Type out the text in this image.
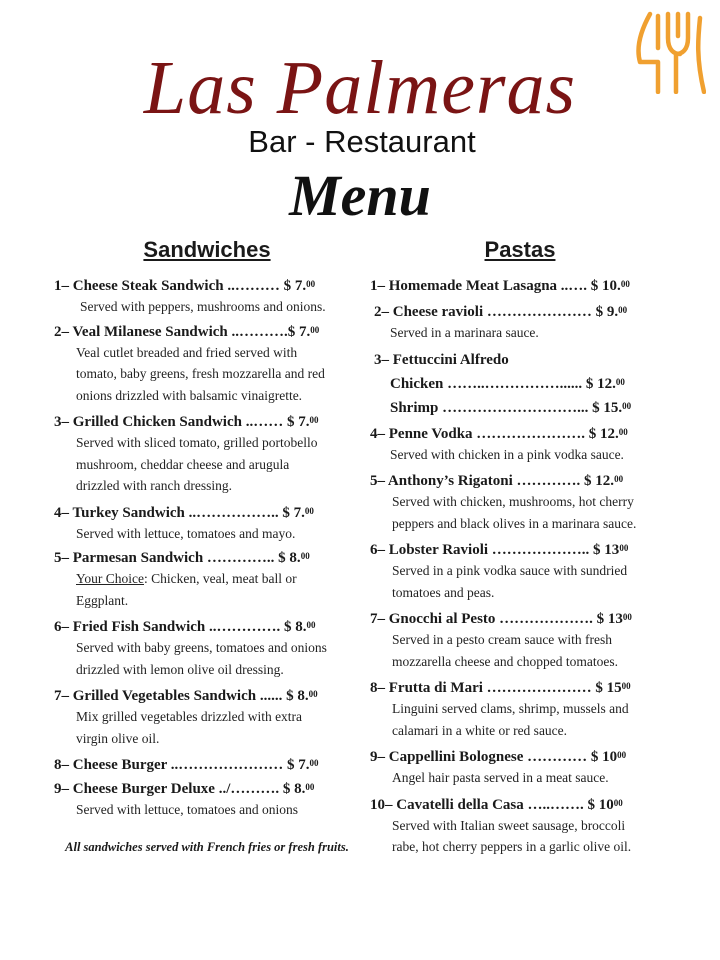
Las Palmeras
Bar - Restaurant
Menu
Sandwiches
1– Cheese Steak Sandwich ..……… $ 7.00
Served with peppers, mushrooms and onions.
2– Veal Milanese Sandwich ..……….$ 7.00
Veal cutlet breaded and fried served with
tomato, baby greens, fresh mozzarella and red
onions drizzled with balsamic vinaigrette.
3– Grilled Chicken Sandwich ..…… $ 7.00
Served with sliced tomato, grilled portobello
mushroom, cheddar cheese and arugula
drizzled with ranch dressing.
4– Turkey Sandwich ..…………….. $ 7.00
Served with lettuce, tomatoes and mayo.
5– Parmesan Sandwich ………….. $ 8.00
Your Choice: Chicken, veal, meat ball or
Eggplant.
6– Fried Fish Sandwich ..…………. $ 8.00
Served with baby greens, tomatoes and onions
drizzled with lemon olive oil dressing.
7– Grilled Vegetables Sandwich ...... $ 8.00
Mix grilled vegetables drizzled with extra
virgin olive oil.
8– Cheese Burger ..………………… $ 7.00
9– Cheese Burger Deluxe ../………. $ 8.00
Served with lettuce, tomatoes and onions
All sandwiches served with French fries or fresh fruits.
Pastas
1– Homemade Meat Lasagna ..…. $ 10.00
2– Cheese ravioli ………………… $ 9.00
Served in a marinara sauce.
3– Fettuccini Alfredo
Chicken ……..……………...... $ 12.00
Shrimp ………………………... $ 15.00
4– Penne Vodka …………………. $ 12.00
Served with chicken in a pink vodka sauce.
5– Anthony’s Rigatoni …………. $ 12.00
Served with chicken, mushrooms, hot cherry
peppers and black olives in a marinara sauce.
6– Lobster Ravioli ……………….. $ $13^{00}$
Served in a pink vodka sauce with sundried
tomatoes and peas.
7– Gnocchi al Pesto ………………. $ $13^{00}$
Served in a pesto cream sauce with fresh
mozzarella cheese and chopped tomatoes.
8– Frutta di Mari ………………… $ $15^{00}$
Linguini served clams, shrimp, mussels and
calamari in a white or red sauce.
9– Cappellini Bolognese ………… $ $10^{00}$
Angel hair pasta served in a meat sauce.
10– Cavatelli della Casa …..……. $ $10^{00}$
Served with Italian sweet sausage, broccoli
rabe, hot cherry peppers in a garlic olive oil.
